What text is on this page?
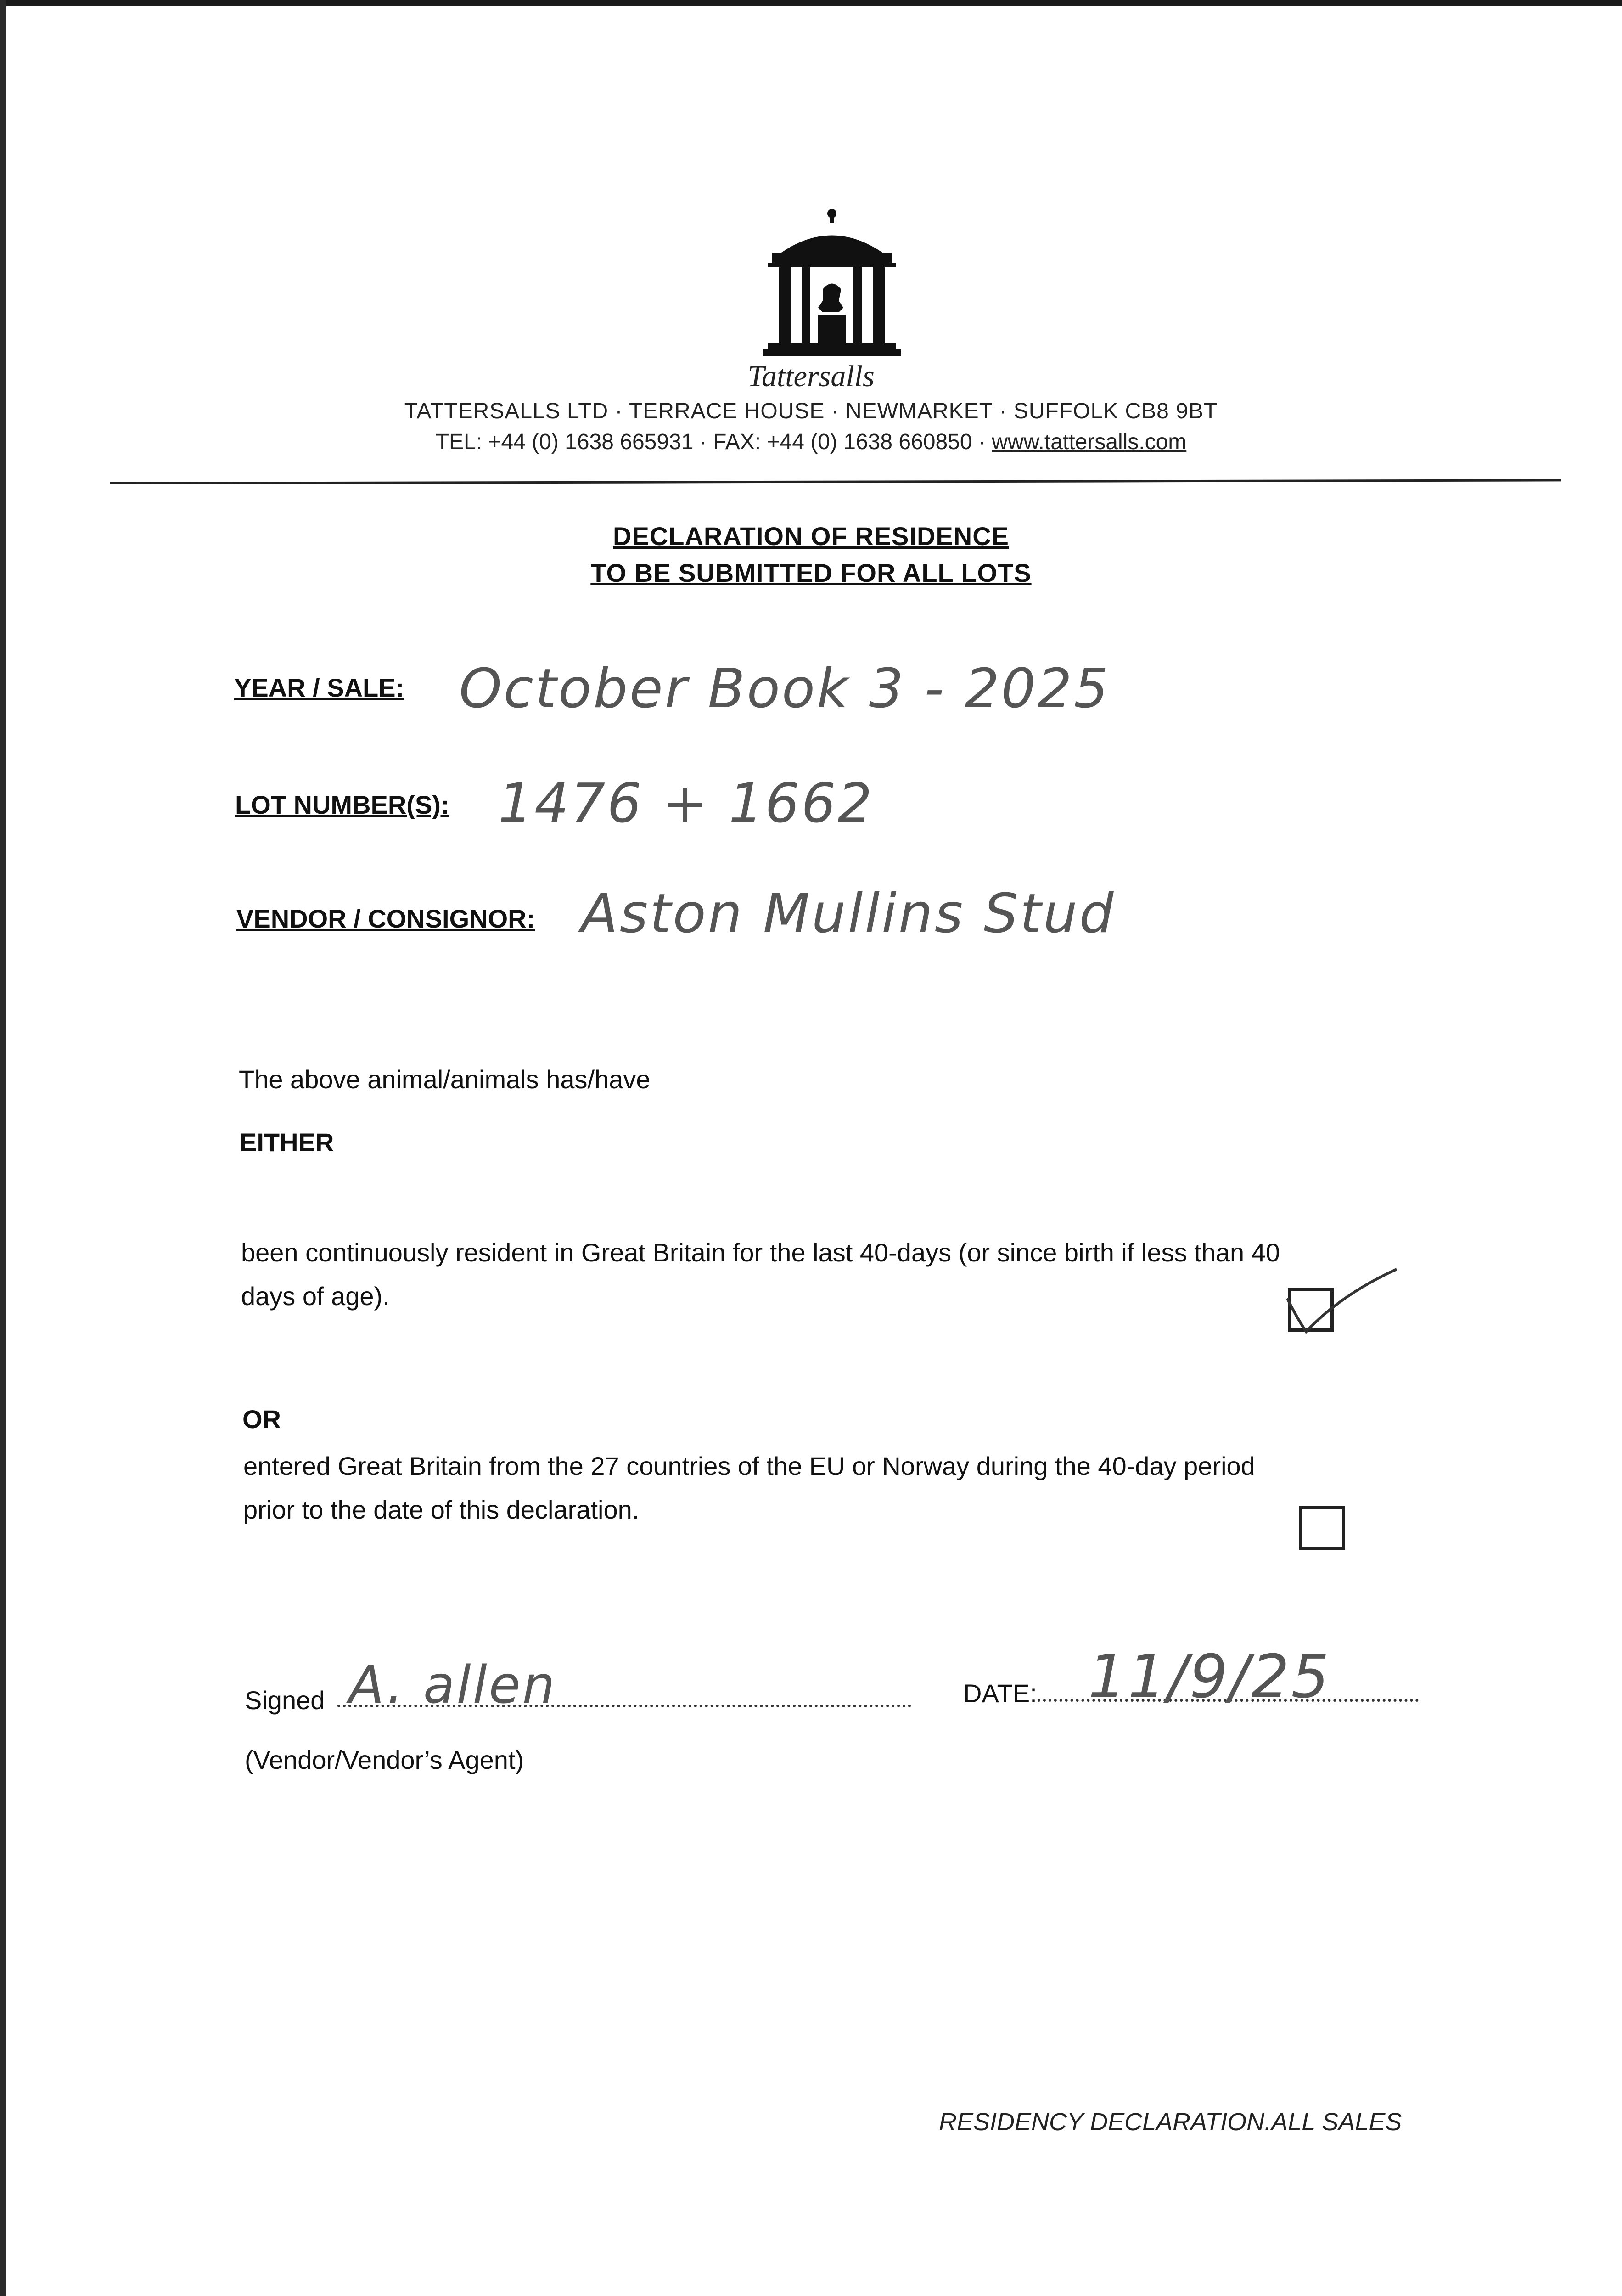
Tattersalls
TATTERSALLS LTD · TERRACE HOUSE · NEWMARKET · SUFFOLK CB8 9BT
TEL: +44 (0) 1638 665931 · FAX: +44 (0) 1638 660850 · www.tattersalls.com
DECLARATION OF RESIDENCE
TO BE SUBMITTED FOR ALL LOTS
YEAR / SALE: October Book 3 - 2025
LOT NUMBER(S): 1476 + 1662
VENDOR / CONSIGNOR: Aston Mullins Stud
The above animal/animals has/have
EITHER
been continuously resident in Great Britain for the last 40-days (or since birth if less than 40
days of age).
OR
entered Great Britain from the 27 countries of the EU or Norway during the 40-day period
prior to the date of this declaration.
Signed A. allen	DATE: 11/9/25
(Vendor/Vendor’s Agent)
RESIDENCY DECLARATION.ALL SALES
